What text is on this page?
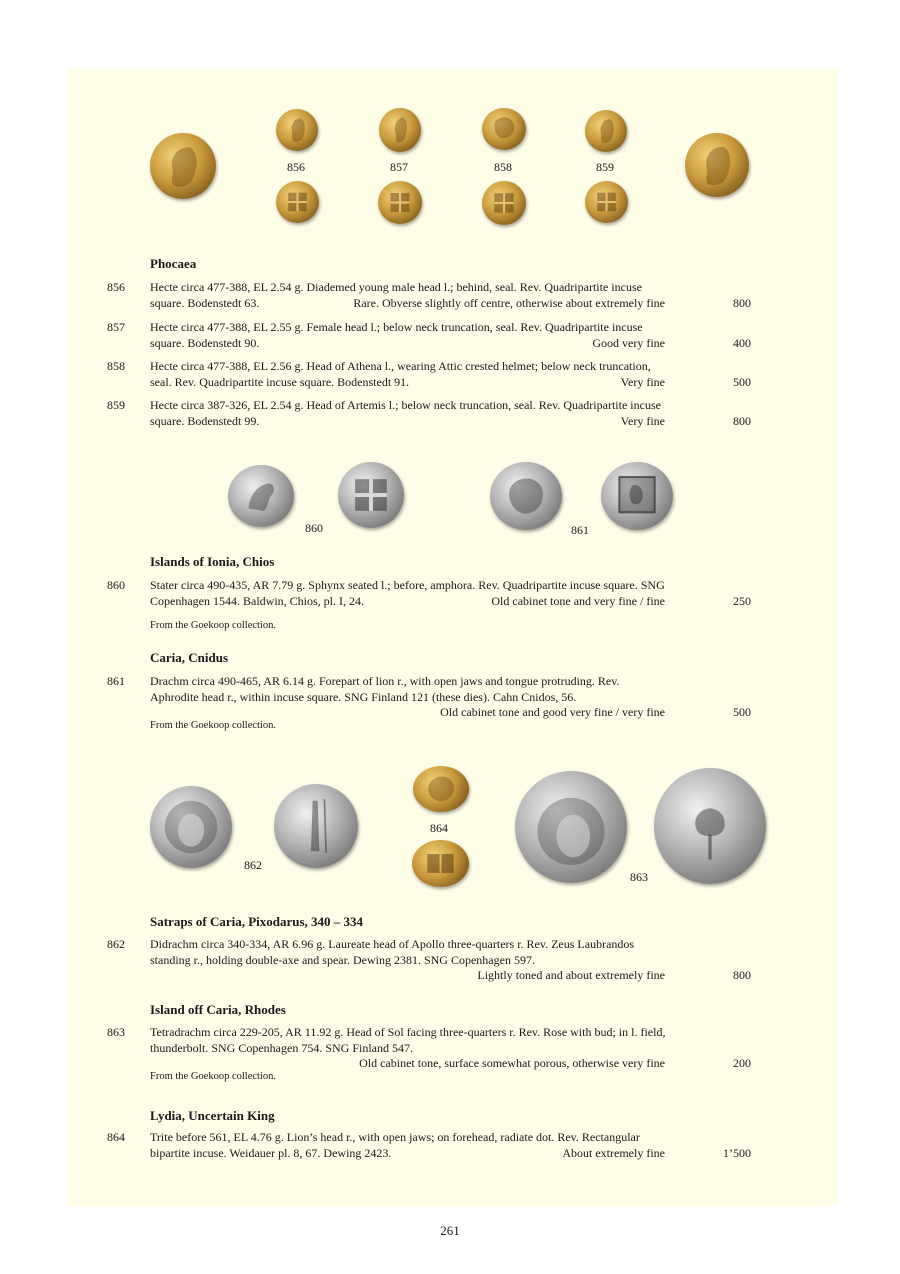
856	857	858	859
Phocaea
856 Hecte circa 477-388, EL 2.54 g. Diademed young male head l.; behind, seal. Rev. Quadripartite incuse
square. Bodenstedt 63.	Rare. Obverse slightly off centre, otherwise about extremely fine	800
857 Hecte circa 477-388, EL 2.55 g. Female head l.; below neck truncation, seal. Rev. Quadripartite incuse
square. Bodenstedt 90.	Good very fine	400
858 Hecte circa 477-388, EL 2.56 g. Head of Athena l., wearing Attic crested helmet; below neck truncation,
seal. Rev. Quadripartite incuse square. Bodenstedt 91.	Very fine	500
859 Hecte circa 387-326, EL 2.54 g. Head of Artemis l.; below neck truncation, seal. Rev. Quadripartite incuse
square. Bodenstedt 99.	Very fine	800
860	861
Islands of Ionia, Chios
860 Stater circa 490-435, AR 7.79 g. Sphynx seated l.; before, amphora. Rev. Quadripartite incuse square. SNG
Copenhagen 1544. Baldwin, Chios, pl. I, 24.	Old cabinet tone and very fine / fine	250
From the Goekoop collection.
Caria, Cnidus
861 Drachm circa 490-465, AR 6.14 g. Forepart of lion r., with open jaws and tongue protruding. Rev.
Aphrodite head r., within incuse square. SNG Finland 121 (these dies). Cahn Cnidos, 56.
Old cabinet tone and good very fine / very fine	500
From the Goekoop collection.
864
862
863
Satraps of Caria, Pixodarus, 340 – 334
862 Didrachm circa 340-334, AR 6.96 g. Laureate head of Apollo three-quarters r. Rev. Zeus Laubrandos
standing r., holding double-axe and spear. Dewing 2381. SNG Copenhagen 597.
Lightly toned and about extremely fine	800
Island off Caria, Rhodes
863 Tetradrachm circa 229-205, AR 11.92 g. Head of Sol facing three-quarters r. Rev. Rose with bud; in l. field,
thunderbolt. SNG Copenhagen 754. SNG Finland 547.
Old cabinet tone, surface somewhat porous, otherwise very fine	200
From the Goekoop collection.
Lydia, Uncertain King
864 Trite before 561, EL 4.76 g. Lion’s head r., with open jaws; on forehead, radiate dot. Rev. Rectangular
bipartite incuse. Weidauer pl. 8, 67. Dewing 2423.	About extremely fine	1’500
261
